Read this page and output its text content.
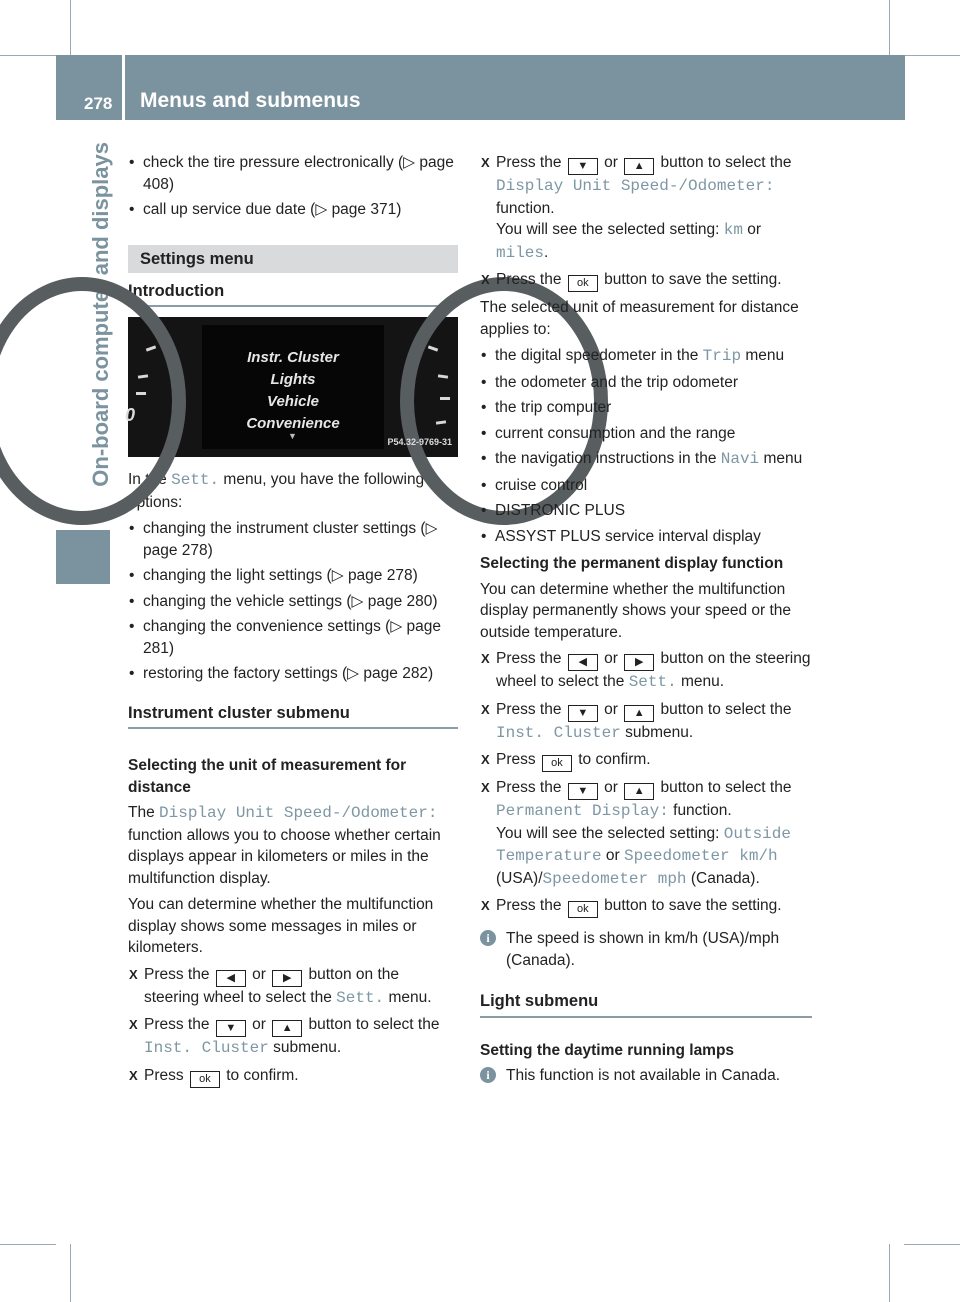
278 Menus and submenus
On-board computer and displays
•	check the tire pressure electronically (▷ page 408)
• call up service due date (▷ page 371)
Settings menu
Introduction
0
Instr. Cluster
Lights
Vehicle
Convenience
▼
P54.32-9769-31

In the Sett. menu, you have the following options:

• changing the instrument cluster settings (▷ page 278)
• changing the light settings (▷ page 278)
• changing the vehicle settings (▷ page 280)
• changing the convenience settings (▷ page 281)
• restoring the factory settings (▷ page 282)
Instrument cluster submenu
Selecting the unit of measurement for distance

The Display Unit Speed-/Odometer: function allows you to choose whether certain displays appear in kilometers or miles in the multifunction display.

You can determine whether the multifunction display shows some messages in miles or kilometers.

X Press the ◀ or ▶ button on the steering wheel to select the Sett. menu.
X Press the ▼ or ▲ button to select the Inst. Cluster submenu.
X Press ok to confirm.
X Press the ▼ or ▲ button to select the Display Unit Speed-/Odometer: function.
You will see the selected setting: km or miles.
X Press the ok button to save the setting.

The selected unit of measurement for distance applies to:

• the digital speedometer in the Trip menu
• the odometer and the trip odometer
• the trip computer
• current consumption and the range
• the navigation instructions in the Navi menu
• cruise control
• DISTRONIC PLUS
• ASSYST PLUS service interval display
Selecting the permanent display function

You can determine whether the multifunction display permanently shows your speed or the outside temperature.

X Press the ◀ or ▶ button on the steering wheel to select the Sett. menu.
X Press the ▼ or ▲ button to select the Inst. Cluster submenu.
X Press ok to confirm.
X Press the ▼ or ▲ button to select the Permanent Display: function.
You will see the selected setting: Outside Temperature or Speedometer km/h (USA)/Speedometer mph (Canada).
X Press the ok button to save the setting.
i	The speed is shown in km/h (USA)/mph (Canada).
Light submenu
Setting the daytime running lamps
i	This function is not available in Canada.
